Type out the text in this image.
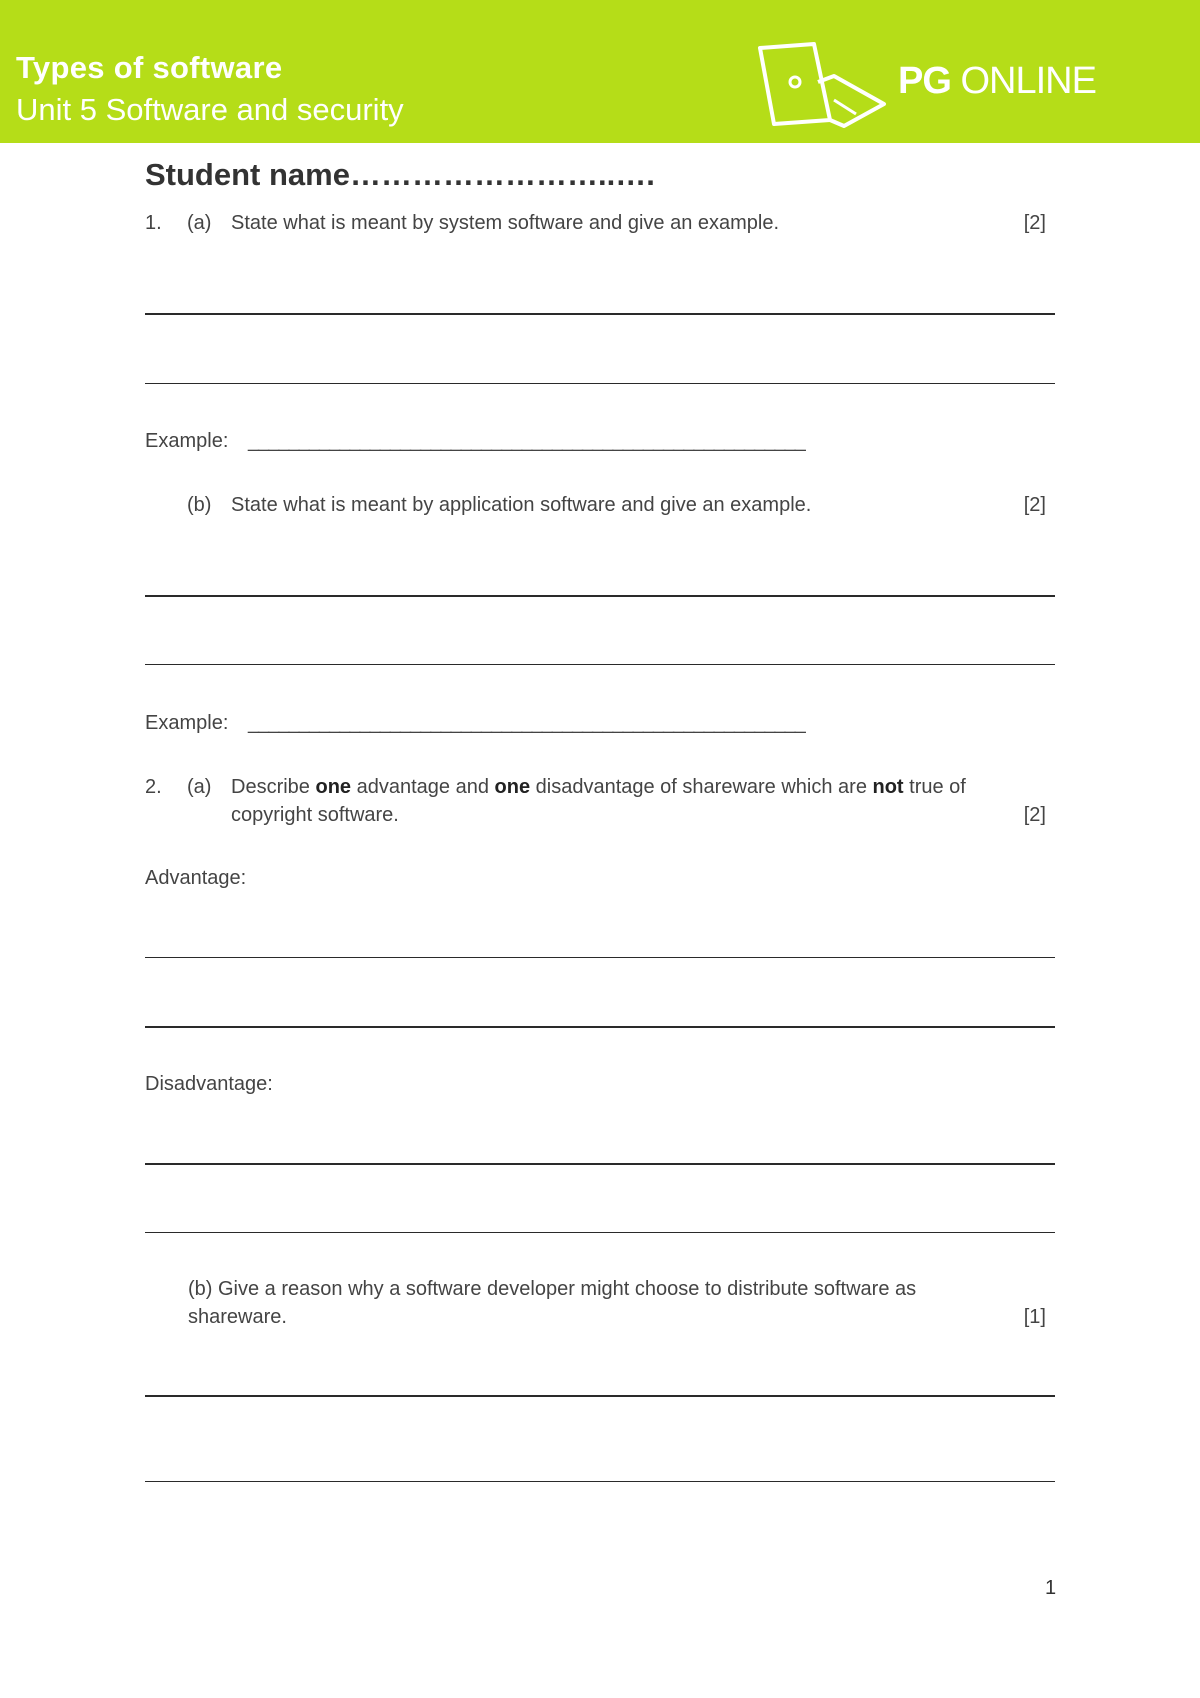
Types of software
Unit 5 Software and security
PG ONLINE
Student name……………………..….
1. (a) State what is meant by system software and give an example.	[2]
Example: _______________________________________________________
(b) State what is meant by application software and give an example.	[2]
Example: _______________________________________________________
2. (a) Describe one advantage and one disadvantage of shareware which are not true of
copyright software.	[2]
Advantage:
Disadvantage:
(b) Give a reason why a software developer might choose to distribute software as
shareware.	[1]
1
